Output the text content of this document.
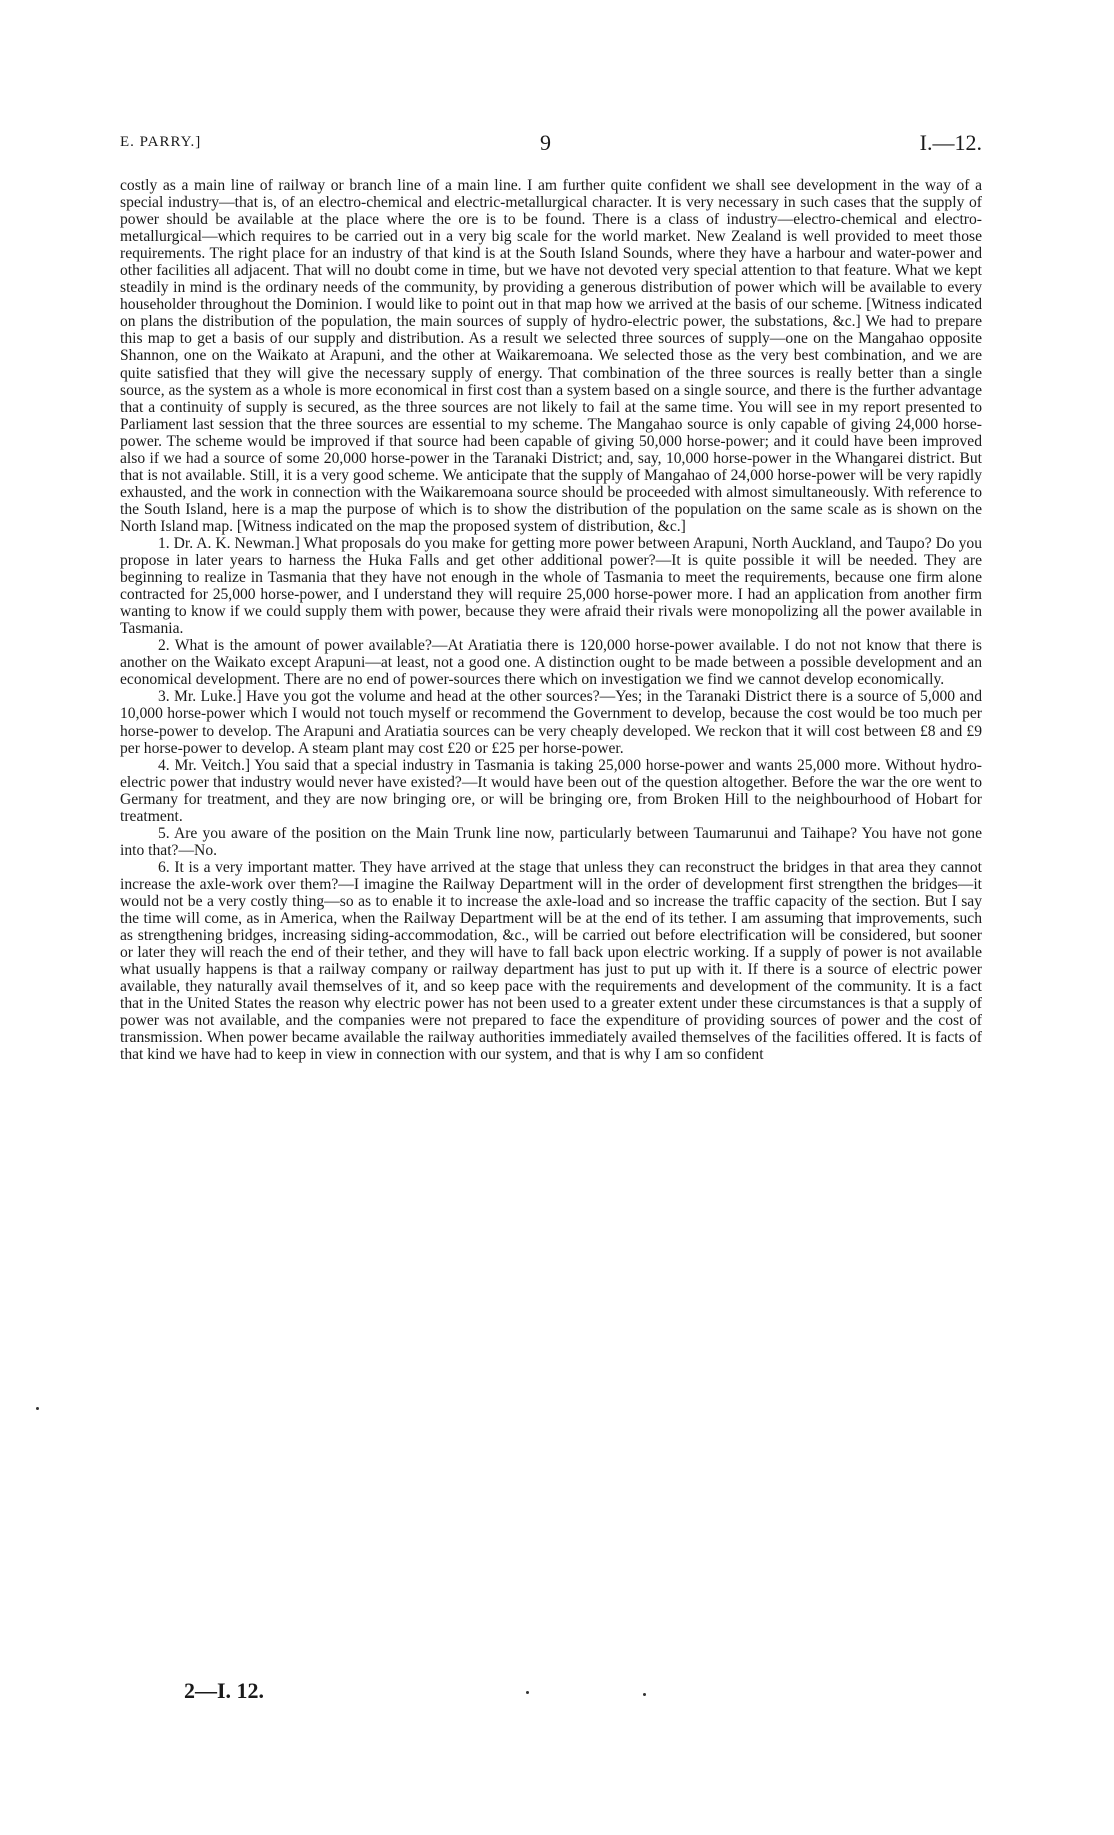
E. PARRY.]	9	I.—12.

costly as a main line of railway or branch line of a main line. I am further quite confident we shall see development in the way of a special industry—that is, of an electro-chemical and electric-metallurgical character. It is very necessary in such cases that the supply of power should be available at the place where the ore is to be found. There is a class of industry—electro-chemical and electro-metallurgical—which requires to be carried out in a very big scale for the world market. New Zealand is well provided to meet those requirements. The right place for an industry of that kind is at the South Island Sounds, where they have a harbour and water-power and other facilities all adjacent. That will no doubt come in time, but we have not devoted very special attention to that feature. What we kept steadily in mind is the ordinary needs of the community, by providing a generous distribution of power which will be available to every householder throughout the Dominion. I would like to point out in that map how we arrived at the basis of our scheme. [Witness indicated on plans the distribution of the population, the main sources of supply of hydro-electric power, the substations, &c.] We had to prepare this map to get a basis of our supply and distribution. As a result we selected three sources of supply—one on the Mangahao opposite Shannon, one on the Waikato at Arapuni, and the other at Waikaremoana. We selected those as the very best combination, and we are quite satisfied that they will give the necessary supply of energy. That combination of the three sources is really better than a single source, as the system as a whole is more economical in first cost than a system based on a single source, and there is the further advantage that a continuity of supply is secured, as the three sources are not likely to fail at the same time. You will see in my report presented to Parliament last session that the three sources are essential to my scheme. The Mangahao source is only capable of giving 24,000 horse-power. The scheme would be improved if that source had been capable of giving 50,000 horse-power; and it could have been improved also if we had a source of some 20,000 horse-power in the Taranaki District; and, say, 10,000 horse-power in the Whangarei district. But that is not available. Still, it is a very good scheme. We anticipate that the supply of Mangahao of 24,000 horse-power will be very rapidly exhausted, and the work in connection with the Waikaremoana source should be proceeded with almost simultaneously. With reference to the South Island, here is a map the purpose of which is to show the distribution of the population on the same scale as is shown on the North Island map. [Witness indicated on the map the proposed system of distribution, &c.]

1. Dr. A. K. Newman.] What proposals do you make for getting more power between Arapuni, North Auckland, and Taupo? Do you propose in later years to harness the Huka Falls and get other additional power?—It is quite possible it will be needed. They are beginning to realize in Tasmania that they have not enough in the whole of Tasmania to meet the requirements, because one firm alone contracted for 25,000 horse-power, and I understand they will require 25,000 horse-power more. I had an application from another firm wanting to know if we could supply them with power, because they were afraid their rivals were monopolizing all the power available in Tasmania.

2. What is the amount of power available?—At Aratiatia there is 120,000 horse-power available. I do not not know that there is another on the Waikato except Arapuni—at least, not a good one. A distinction ought to be made between a possible development and an economical development. There are no end of power-sources there which on investigation we find we cannot develop economically.

3. Mr. Luke.] Have you got the volume and head at the other sources?—Yes; in the Taranaki District there is a source of 5,000 and 10,000 horse-power which I would not touch myself or recommend the Government to develop, because the cost would be too much per horse-power to develop. The Arapuni and Aratiatia sources can be very cheaply developed. We reckon that it will cost between £8 and £9 per horse-power to develop. A steam plant may cost £20 or £25 per horse-power.

4. Mr. Veitch.] You said that a special industry in Tasmania is taking 25,000 horse-power and wants 25,000 more. Without hydro-electric power that industry would never have existed?—It would have been out of the question altogether. Before the war the ore went to Germany for treatment, and they are now bringing ore, or will be bringing ore, from Broken Hill to the neighbourhood of Hobart for treatment.

5. Are you aware of the position on the Main Trunk line now, particularly between Taumarunui and Taihape? You have not gone into that?—No.

6. It is a very important matter. They have arrived at the stage that unless they can reconstruct the bridges in that area they cannot increase the axle-work over them?—I imagine the Railway Department will in the order of development first strengthen the bridges—it would not be a very costly thing—so as to enable it to increase the axle-load and so increase the traffic capacity of the section. But I say the time will come, as in America, when the Railway Department will be at the end of its tether. I am assuming that improvements, such as strengthening bridges, increasing siding-accommodation, &c., will be carried out before electrification will be considered, but sooner or later they will reach the end of their tether, and they will have to fall back upon electric working. If a supply of power is not available what usually happens is that a railway company or railway department has just to put up with it. If there is a source of electric power available, they naturally avail themselves of it, and so keep pace with the requirements and development of the community. It is a fact that in the United States the reason why electric power has not been used to a greater extent under these circumstances is that a supply of power was not available, and the companies were not prepared to face the expenditure of providing sources of power and the cost of transmission. When power became available the railway authorities immediately availed themselves of the facilities offered. It is facts of that kind we have had to keep in view in connection with our system, and that is why I am so confident

2—I. 12.
